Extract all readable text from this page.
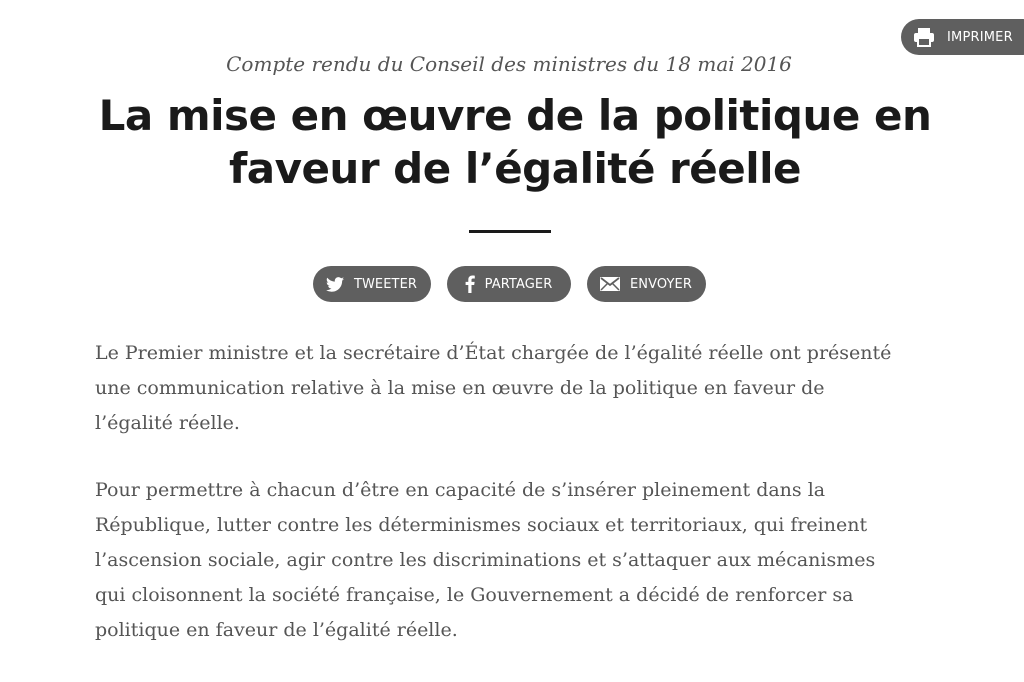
IMPRIMER
Compte rendu du Conseil des ministres du 18 mai 2016
La mise en œuvre de la politique en
faveur de l’égalité réelle
TWEETER	PARTAGER	ENVOYER
Le Premier ministre et la secrétaire d’État chargée de l’égalité réelle ont présenté
une communication relative à la mise en œuvre de la politique en faveur de
l’égalité réelle.
Pour permettre à chacun d’être en capacité de s’insérer pleinement dans la
République, lutter contre les déterminismes sociaux et territoriaux, qui freinent
l’ascension sociale, agir contre les discriminations et s’attaquer aux mécanismes
qui cloisonnent la société française, le Gouvernement a décidé de renforcer sa
politique en faveur de l’égalité réelle.
